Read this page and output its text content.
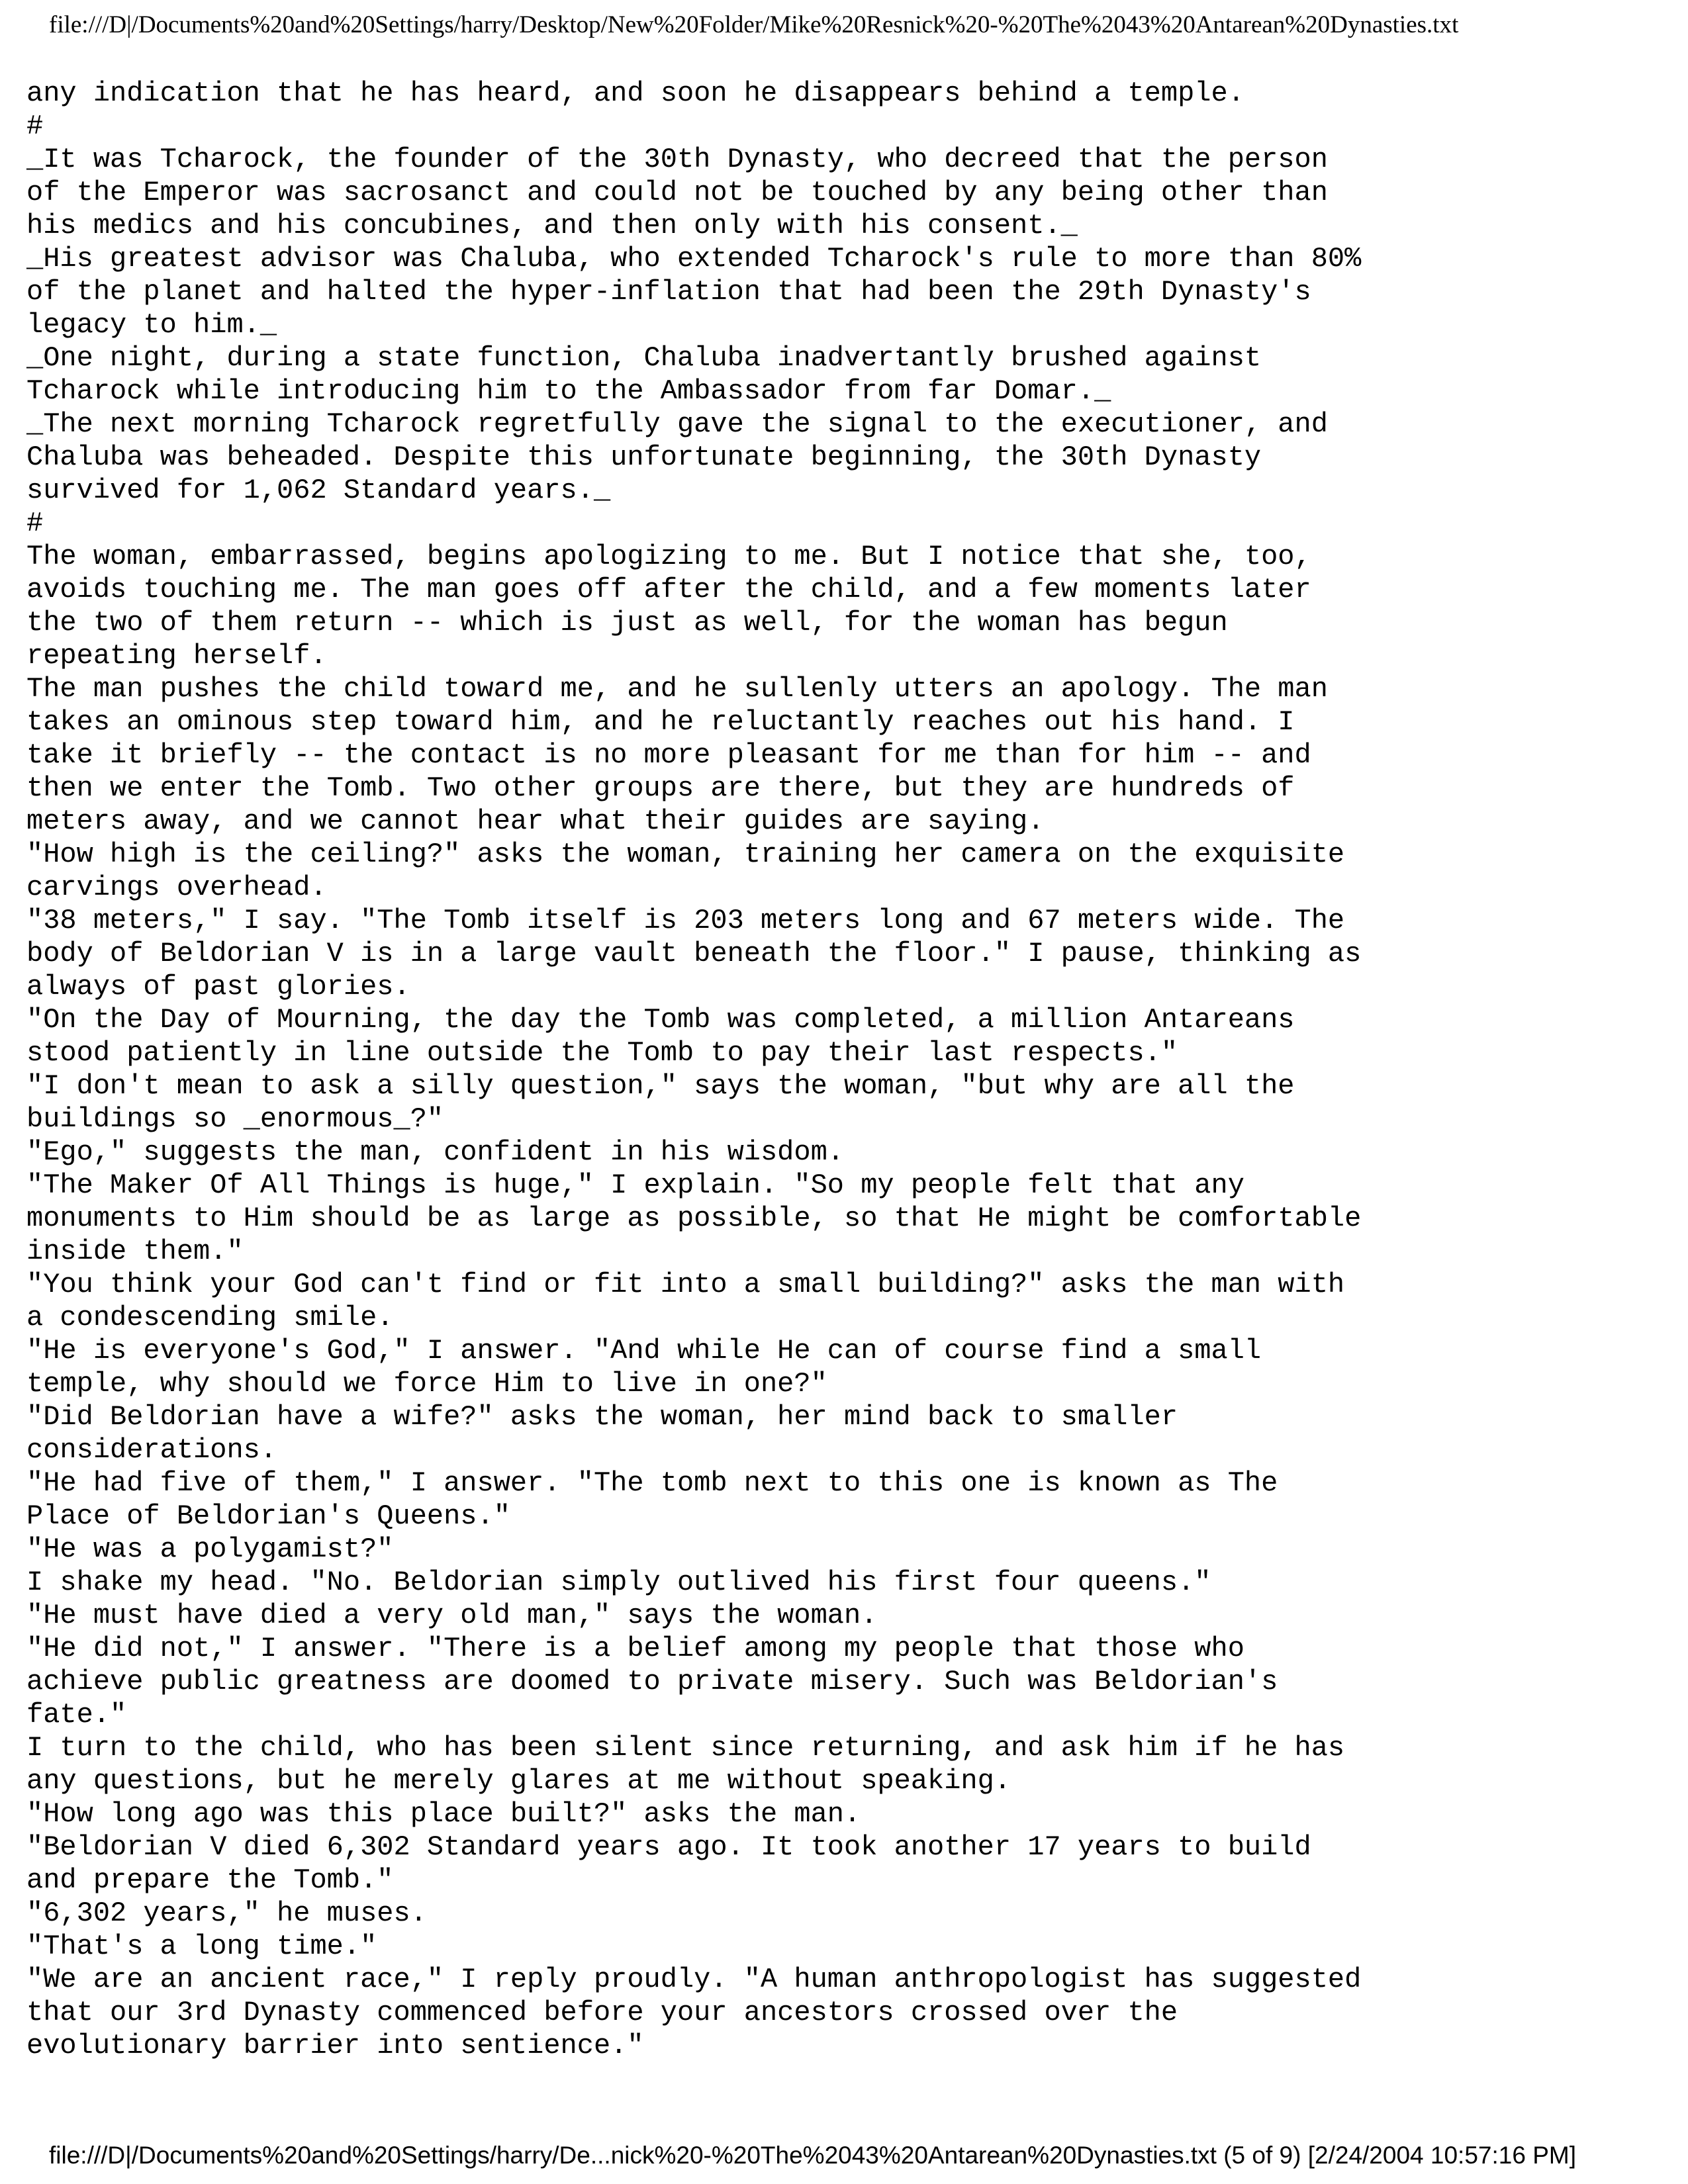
file:///D|/Documents%20and%20Settings/harry/Desktop/New%20Folder/Mike%20Resnick%20-%20The%2043%20Antarean%20Dynasties.txt
any indication that he has heard, and soon he disappears behind a temple.
#
_It was Tcharock, the founder of the 30th Dynasty, who decreed that the person
of the Emperor was sacrosanct and could not be touched by any being other than
his medics and his concubines, and then only with his consent._
_His greatest advisor was Chaluba, who extended Tcharock's rule to more than 80%
of the planet and halted the hyper-inflation that had been the 29th Dynasty's
legacy to him._
_One night, during a state function, Chaluba inadvertantly brushed against
Tcharock while introducing him to the Ambassador from far Domar._
_The next morning Tcharock regretfully gave the signal to the executioner, and
Chaluba was beheaded. Despite this unfortunate beginning, the 30th Dynasty
survived for 1,062 Standard years._
#
The woman, embarrassed, begins apologizing to me. But I notice that she, too,
avoids touching me. The man goes off after the child, and a few moments later
the two of them return -- which is just as well, for the woman has begun
repeating herself.
The man pushes the child toward me, and he sullenly utters an apology. The man
takes an ominous step toward him, and he reluctantly reaches out his hand. I
take it briefly -- the contact is no more pleasant for me than for him -- and
then we enter the Tomb. Two other groups are there, but they are hundreds of
meters away, and we cannot hear what their guides are saying.
"How high is the ceiling?" asks the woman, training her camera on the exquisite
carvings overhead.
"38 meters," I say. "The Tomb itself is 203 meters long and 67 meters wide. The
body of Beldorian V is in a large vault beneath the floor." I pause, thinking as
always of past glories.
"On the Day of Mourning, the day the Tomb was completed, a million Antareans
stood patiently in line outside the Tomb to pay their last respects."
"I don't mean to ask a silly question," says the woman, "but why are all the
buildings so _enormous_?"
"Ego," suggests the man, confident in his wisdom.
"The Maker Of All Things is huge," I explain. "So my people felt that any
monuments to Him should be as large as possible, so that He might be comfortable
inside them."
"You think your God can't find or fit into a small building?" asks the man with
a condescending smile.
"He is everyone's God," I answer. "And while He can of course find a small
temple, why should we force Him to live in one?"
"Did Beldorian have a wife?" asks the woman, her mind back to smaller
considerations.
"He had five of them," I answer. "The tomb next to this one is known as The
Place of Beldorian's Queens."
"He was a polygamist?"
I shake my head. "No. Beldorian simply outlived his first four queens."
"He must have died a very old man," says the woman.
"He did not," I answer. "There is a belief among my people that those who
achieve public greatness are doomed to private misery. Such was Beldorian's
fate."
I turn to the child, who has been silent since returning, and ask him if he has
any questions, but he merely glares at me without speaking.
"How long ago was this place built?" asks the man.
"Beldorian V died 6,302 Standard years ago. It took another 17 years to build
and prepare the Tomb."
"6,302 years," he muses.
"That's a long time."
"We are an ancient race," I reply proudly. "A human anthropologist has suggested
that our 3rd Dynasty commenced before your ancestors crossed over the
evolutionary barrier into sentience."
file:///D|/Documents%20and%20Settings/harry/De...nick%20-%20The%2043%20Antarean%20Dynasties.txt (5 of 9) [2/24/2004 10:57:16 PM]
